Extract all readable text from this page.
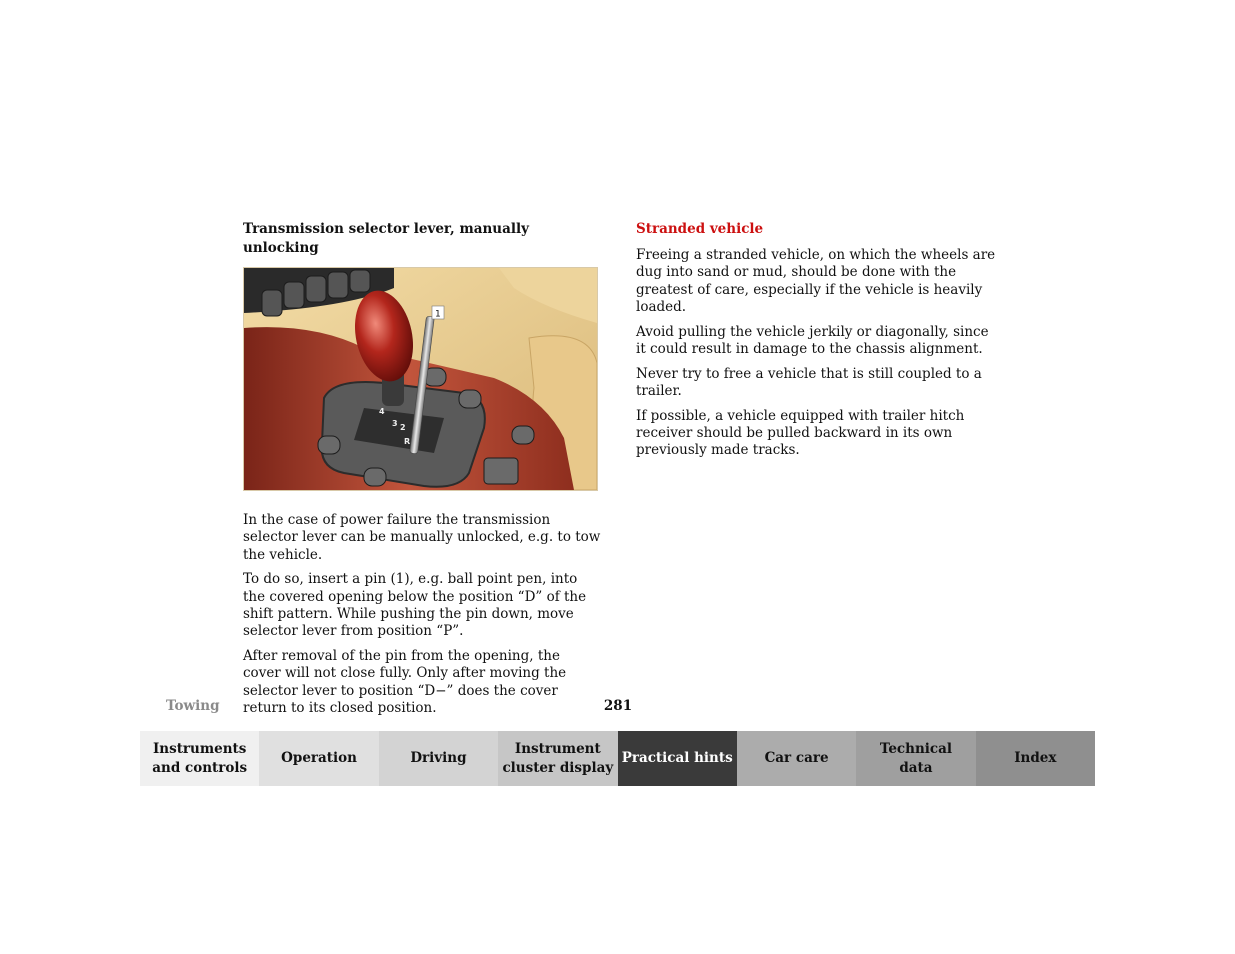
Transmission selector lever, manually unlocking
4
3 2
R
1

In the case of power failure the transmission selector lever can be manually unlocked, e.g. to tow the vehicle.

To do so, insert a pin (1), e.g. ball point pen, into the covered opening below the position “D” of the shift pattern. While pushing the pin down, move selector lever from position “P”.

After removal of the pin from the opening, the cover will not close fully. Only after moving the selector lever to position “D−” does the cover return to its closed position.

Stranded vehicle

Freeing a stranded vehicle, on which the wheels are dug into sand or mud, should be done with the greatest of care, especially if the vehicle is heavily loaded.

Avoid pulling the vehicle jerkily or diagonally, since it could result in damage to the chassis alignment.

Never try to free a vehicle that is still coupled to a trailer.

If possible, a vehicle equipped with trailer hitch receiver should be pulled backward in its own previously made tracks.

Towing	281
Instruments
and controls
Operation	Driving
Instrument
cluster display
Practical hints	Car care
Technical
data
Index
